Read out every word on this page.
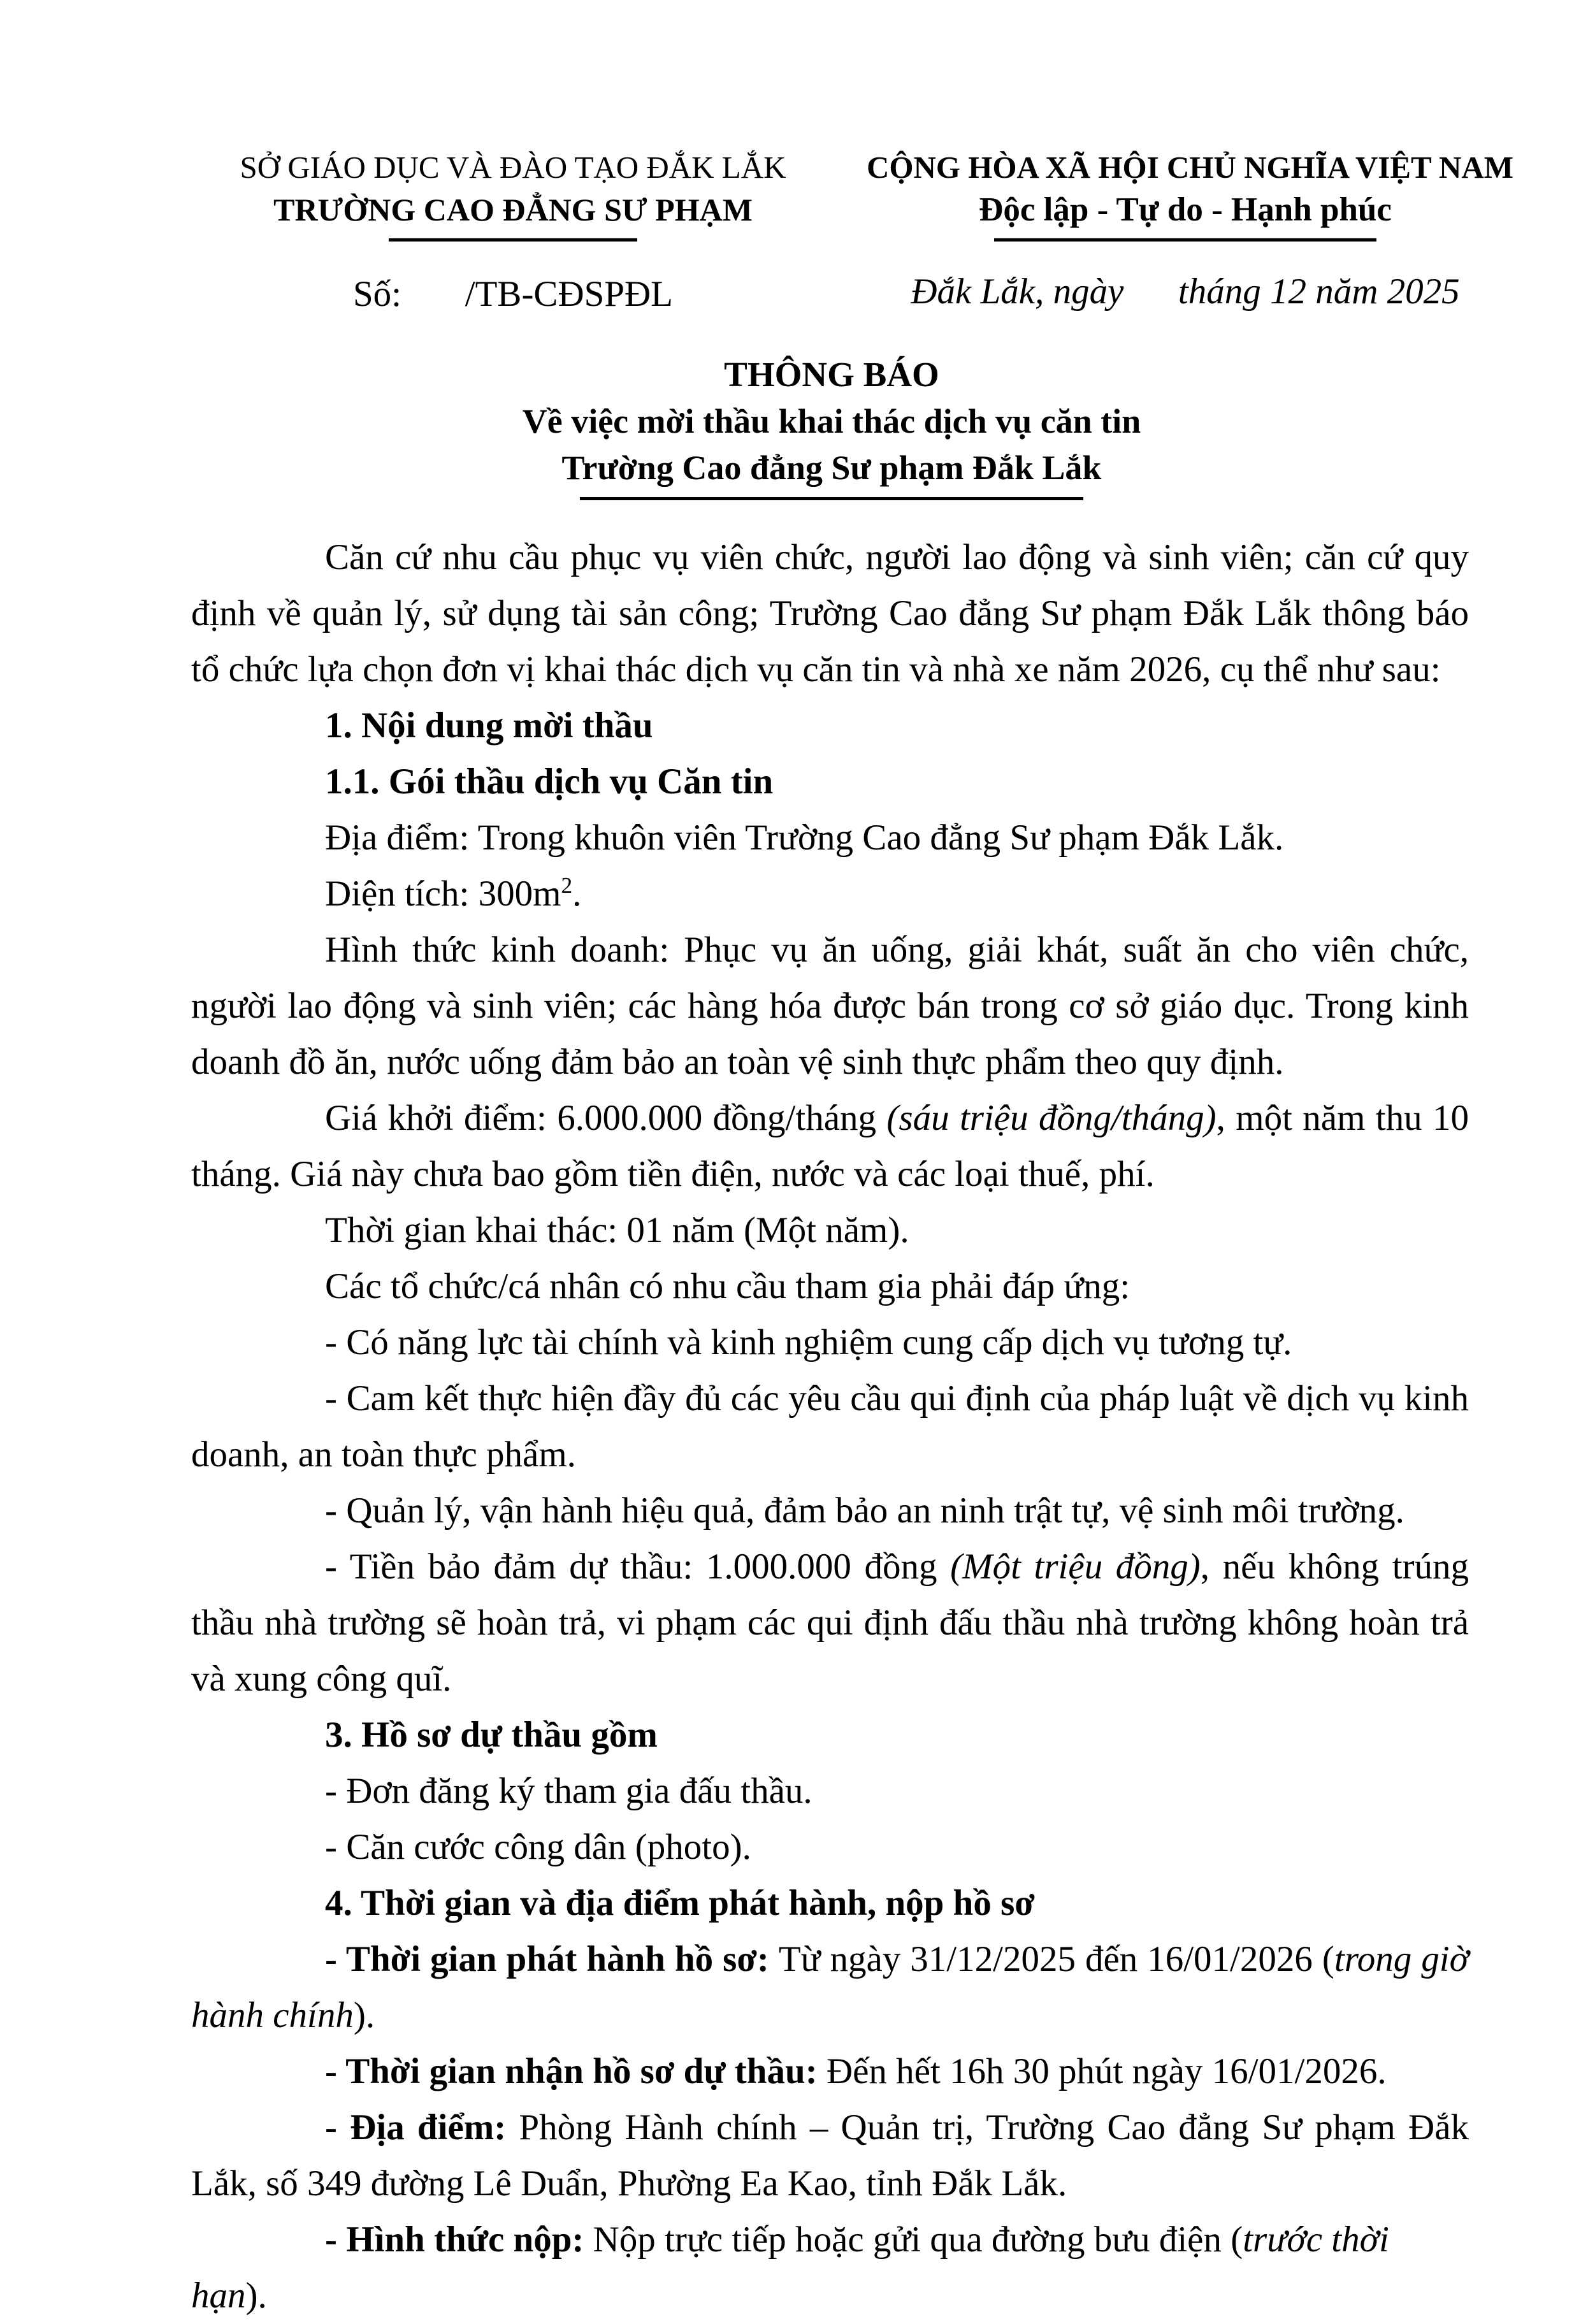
SỞ GIÁO DỤC VÀ ĐÀO TẠO ĐẮK LẮK
TRƯỜNG CAO ĐẲNG SƯ PHẠM
Số:       /TB-CĐSPĐL
CỘNG HÒA XÃ HỘI CHỦ NGHĨA VIỆT NAM
Độc lập - Tự do - Hạnh phúc
Đắk Lắk, ngày      tháng 12 năm 2025
THÔNG BÁO
Về việc mời thầu khai thác dịch vụ căn tin
Trường Cao đẳng Sư phạm Đắk Lắk

Căn cứ nhu cầu phục vụ viên chức, người lao động và sinh viên; căn cứ quy định về quản lý, sử dụng tài sản công; Trường Cao đẳng Sư phạm Đắk Lắk thông báo tổ chức lựa chọn đơn vị khai thác dịch vụ căn tin và nhà xe năm 2026, cụ thể như sau:

1. Nội dung mời thầu

1.1. Gói thầu dịch vụ Căn tin

Địa điểm: Trong khuôn viên Trường Cao đẳng Sư phạm Đắk Lắk.

Diện tích: $300m^2$.

Hình thức kinh doanh: Phục vụ ăn uống, giải khát, suất ăn cho viên chức, người lao động và sinh viên; các hàng hóa được bán trong cơ sở giáo dục. Trong kinh doanh đồ ăn, nước uống đảm bảo an toàn vệ sinh thực phẩm theo quy định.

Giá khởi điểm: 6.000.000 đồng/tháng (sáu triệu đồng/tháng), một năm thu 10 tháng. Giá này chưa bao gồm tiền điện, nước và các loại thuế, phí.

Thời gian khai thác: 01 năm (Một năm).

Các tổ chức/cá nhân có nhu cầu tham gia phải đáp ứng:

- Có năng lực tài chính và kinh nghiệm cung cấp dịch vụ tương tự.

- Cam kết thực hiện đầy đủ các yêu cầu qui định của pháp luật về dịch vụ kinh doanh, an toàn thực phẩm.

- Quản lý, vận hành hiệu quả, đảm bảo an ninh trật tự, vệ sinh môi trường.

- Tiền bảo đảm dự thầu: 1.000.000 đồng (Một triệu đồng), nếu không trúng thầu nhà trường sẽ hoàn trả, vi phạm các qui định đấu thầu nhà trường không hoàn trả và xung công quĩ.

3. Hồ sơ dự thầu gồm

- Đơn đăng ký tham gia đấu thầu.

- Căn cước công dân (photo).

4. Thời gian và địa điểm phát hành, nộp hồ sơ

- Thời gian phát hành hồ sơ: Từ ngày 31/12/2025 đến 16/01/2026 (trong giờ hành chính).

- Thời gian nhận hồ sơ dự thầu: Đến hết 16h 30 phút ngày 16/01/2026.

- Địa điểm: Phòng Hành chính – Quản trị, Trường Cao đẳng Sư phạm Đắk Lắk, số 349 đường Lê Duẩn, Phường Ea Kao, tỉnh Đắk Lắk.

- Hình thức nộp: Nộp trực tiếp hoặc gửi qua đường bưu điện (trước thời hạn).
